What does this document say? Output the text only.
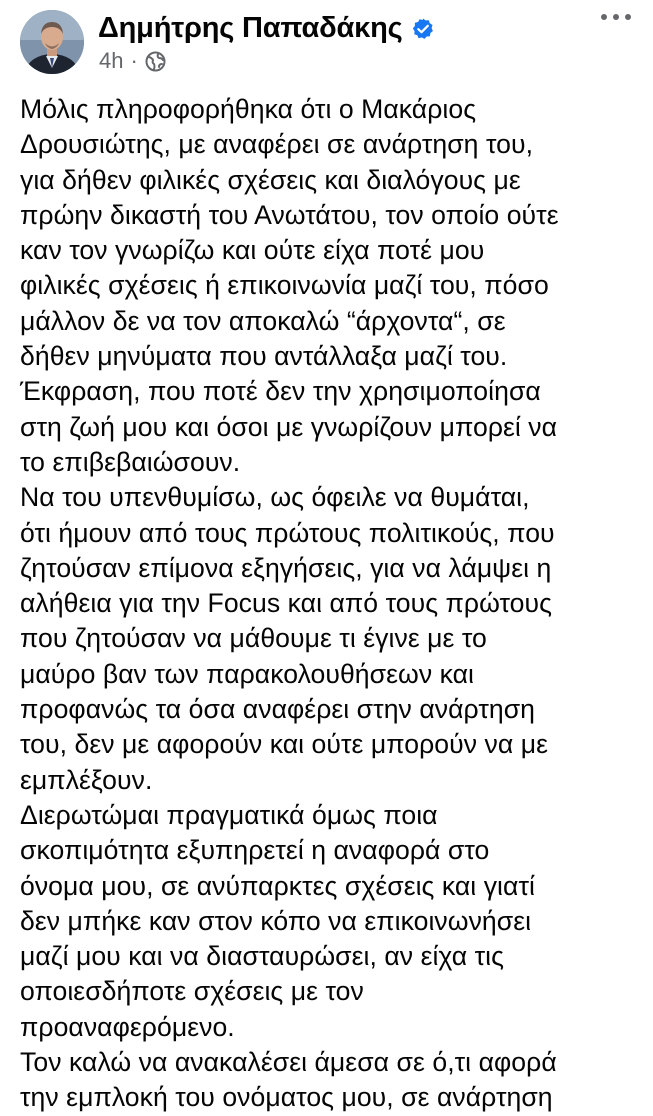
Δημήτρης Παπαδάκης
4h ·

Μόλις πληροφορήθηκα ότι ο Μακάριος
Δρουσιώτης, με αναφέρει σε ανάρτηση του,
για δήθεν φιλικές σχέσεις και διαλόγους με
πρώην δικαστή του Ανωτάτου, τον οποίο ούτε
καν τον γνωρίζω και ούτε είχα ποτέ μου
φιλικές σχέσεις ή επικοινωνία μαζί του, πόσο
μάλλον δε να τον αποκαλώ “άρχοντα“, σε
δήθεν μηνύματα που αντάλλαξα μαζί του.
Έκφραση, που ποτέ δεν την χρησιμοποίησα
στη ζωή μου και όσοι με γνωρίζουν μπορεί να
το επιβεβαιώσουν.
Να του υπενθυμίσω, ως όφειλε να θυμάται,
ότι ήμουν από τους πρώτους πολιτικούς, που
ζητούσαν επίμονα εξηγήσεις, για να λάμψει η
αλήθεια για την Focus και από τους πρώτους
που ζητούσαν να μάθουμε τι έγινε με το
μαύρο βαν των παρακολουθήσεων και
προφανώς τα όσα αναφέρει στην ανάρτηση
του, δεν με αφορούν και ούτε μπορούν να με
εμπλέξουν.
Διερωτώμαι πραγματικά όμως ποια
σκοπιμότητα εξυπηρετεί η αναφορά στο
όνομα μου, σε ανύπαρκτες σχέσεις και γιατί
δεν μπήκε καν στον κόπο να επικοινωνήσει
μαζί μου και να διασταυρώσει, αν είχα τις
οποιεσδήποτε σχέσεις με τον
προαναφερόμενο.
Τον καλώ να ανακαλέσει άμεσα σε ό,τι αφορά
την εμπλοκή του ονόματος μου, σε ανάρτηση
